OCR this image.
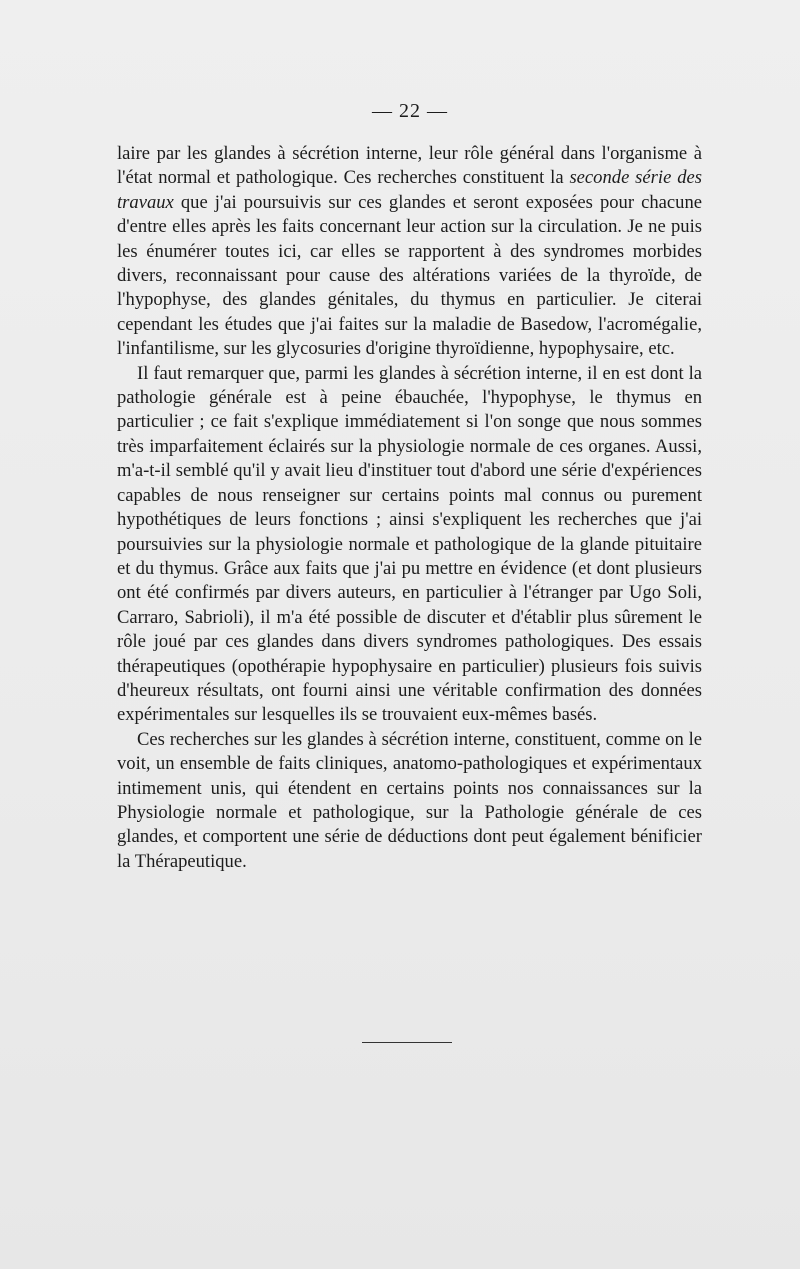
— 22 —

laire par les glandes à sécrétion interne, leur rôle général dans l'organisme à l'état normal et pathologique. Ces recherches constituent la seconde série des travaux que j'ai poursuivis sur ces glandes et seront exposées pour chacune d'entre elles après les faits concernant leur action sur la circulation. Je ne puis les énumérer toutes ici, car elles se rapportent à des syndromes morbides divers, reconnaissant pour cause des altérations variées de la thyroïde, de l'hypophyse, des glandes génitales, du thymus en particulier. Je citerai cependant les études que j'ai faites sur la maladie de Basedow, l'acromégalie, l'infantilisme, sur les glycosuries d'origine thyroïdienne, hypophysaire, etc.

Il faut remarquer que, parmi les glandes à sécrétion interne, il en est dont la pathologie générale est à peine ébauchée, l'hypophyse, le thymus en particulier ; ce fait s'explique immédiatement si l'on songe que nous sommes très imparfaitement éclairés sur la physiologie normale de ces organes. Aussi, m'a-t-il semblé qu'il y avait lieu d'instituer tout d'abord une série d'expériences capables de nous renseigner sur certains points mal connus ou purement hypothétiques de leurs fonctions ; ainsi s'expliquent les recherches que j'ai poursuivies sur la physiologie normale et pathologique de la glande pituitaire et du thymus. Grâce aux faits que j'ai pu mettre en évidence (et dont plusieurs ont été confirmés par divers auteurs, en particulier à l'étranger par Ugo Soli, Carraro, Sabrioli), il m'a été possible de discuter et d'établir plus sûrement le rôle joué par ces glandes dans divers syndromes pathologiques. Des essais thérapeutiques (opothérapie hypophysaire en particulier) plusieurs fois suivis d'heureux résultats, ont fourni ainsi une véritable confirmation des données expérimentales sur lesquelles ils se trouvaient eux-mêmes basés.

Ces recherches sur les glandes à sécrétion interne, constituent, comme on le voit, un ensemble de faits cliniques, anatomo-pathologiques et expérimentaux intimement unis, qui étendent en certains points nos connaissances sur la Physiologie normale et pathologique, sur la Pathologie générale de ces glandes, et comportent une série de déductions dont peut également bénificier la Thérapeutique.
